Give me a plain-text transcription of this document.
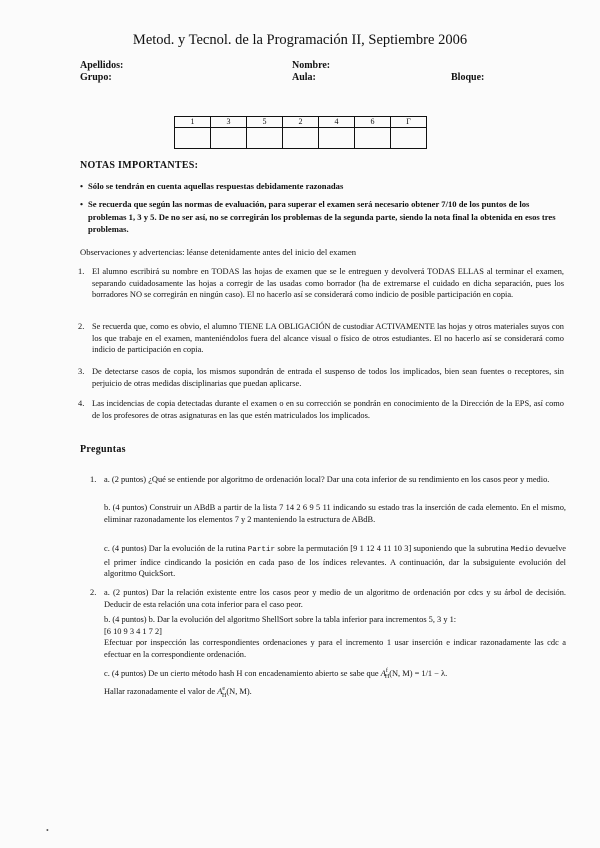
Metod. y Tecnol. de la Programación II, Septiembre 2006
Apellidos:
Grupo:
Nombre:
Aula:	Bloque:
1	3	5	2	4	6	Γ

NOTAS IMPORTANTES:
• Sólo se tendrán en cuenta aquellas respuestas debidamente razonadas
• Se recuerda que según las normas de evaluación, para superar el examen será necesario obtener 7/10 de los puntos de los problemas 1, 3 y 5. De no ser así, no se corregirán los problemas de la segunda parte, siendo la nota final la obtenida en esos tres problemas.
Observaciones y advertencias: léanse detenidamente antes del inicio del examen
1. El alumno escribirá su nombre en TODAS las hojas de examen que se le entreguen y devolverá TODAS ELLAS al terminar el examen, separando cuidadosamente las hojas a corregir de las usadas como borrador (ha de extremarse el cuidado en dicha separación, pues los borradores NO se corregirán en ningún caso). El no hacerlo así se considerará como indicio de posible participación en copia.
2. Se recuerda que, como es obvio, el alumno TIENE LA OBLIGACIÓN de custodiar ACTIVAMENTE las hojas y otros materiales suyos con los que trabaje en el examen, manteniéndolos fuera del alcance visual o físico de otros estudiantes. El no hacerlo así se considerará como indicio de participación en copia.
3. De detectarse casos de copia, los mismos supondrán de entrada el suspenso de todos los implicados, bien sean fuentes o receptores, sin perjuicio de otras medidas disciplinarias que puedan aplicarse.
4. Las incidencias de copia detectadas durante el examen o en su corrección se pondrán en conocimiento de la Dirección de la EPS, así como de los profesores de otras asignaturas en las que estén matriculados los implicados.
Preguntas
1. a. (2 puntos) ¿Qué se entiende por algoritmo de ordenación local? Dar una cota inferior de su rendimiento en los casos peor y medio.
b. (4 puntos) Construir un ABdB a partir de la lista 7 14 2 6 9 5 11 indicando su estado tras la inserción de cada elemento. En el mismo, eliminar razonadamente los elementos 7 y 2 manteniendo la estructura de ABdB.
c. (4 puntos) Dar la evolución de la rutina Partir sobre la permutación [9 1 12 4 11 10 3] suponiendo que la subrutina Medio devuelve el primer índice cindicando la posición en cada paso de los índices relevantes. A continuación, dar la subsiguiente evolución del algoritmo QuickSort.
2. a. (2 puntos) Dar la relación existente entre los casos peor y medio de un algoritmo de ordenación por cdcs y su árbol de decisión. Deducir de esta relación una cota inferior para el caso peor.
b. (4 puntos) b. Dar la evolución del algoritmo ShellSort sobre la tabla inferior para incrementos 5, 3 y 1:
[6 10 9 3 4 1 7 2]
Efectuar por inspección las correspondientes ordenaciones y para el incremento 1 usar inserción e indicar razonadamente las cdc a efectuar en la correspondiente ordenación.
c. (4 puntos) De un cierto método hash H con encadenamiento abierto se sabe que $A^f_H(N$, M) = 1/1 − λ.
Hallar razonadamente el valor de $A^e_H(N$, M).
•
